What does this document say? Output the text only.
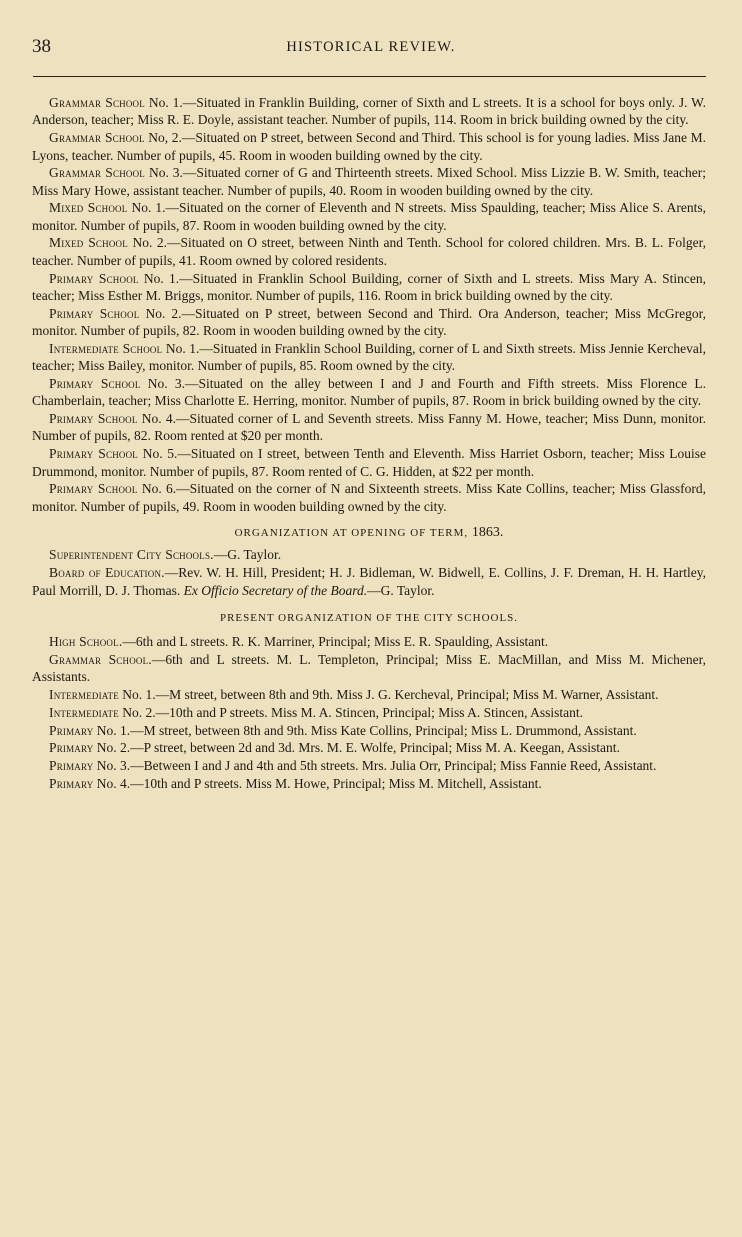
38	HISTORICAL REVIEW.

Grammar School No. 1.—Situated in Franklin Building, corner of Sixth and L streets. It is a school for boys only. J. W. Anderson, teacher; Miss R. E. Doyle, assistant teacher. Number of pupils, 114. Room in brick building owned by the city.

Grammar School No, 2.—Situated on P street, between Second and Third. This school is for young ladies. Miss Jane M. Lyons, teacher. Number of pupils, 45. Room in wooden building owned by the city.

Grammar School No. 3.—Situated corner of G and Thirteenth streets. Mixed School. Miss Lizzie B. W. Smith, teacher; Miss Mary Howe, assistant teacher. Number of pupils, 40. Room in wooden building owned by the city.

Mixed School No. 1.—Situated on the corner of Eleventh and N streets. Miss Spaulding, teacher; Miss Alice S. Arents, monitor. Number of pupils, 87. Room in wooden building owned by the city.

Mixed School No. 2.—Situated on O street, between Ninth and Tenth. School for colored children. Mrs. B. L. Folger, teacher. Number of pupils, 41. Room owned by colored residents.

Primary School No. 1.—Situated in Franklin School Building, corner of Sixth and L streets. Miss Mary A. Stincen, teacher; Miss Esther M. Briggs, monitor. Number of pupils, 116. Room in brick building owned by the city.

Primary School No. 2.—Situated on P street, between Second and Third. Ora Anderson, teacher; Miss McGregor, monitor. Number of pupils, 82. Room in wooden building owned by the city.

Intermediate School No. 1.—Situated in Franklin School Building, corner of L and Sixth streets. Miss Jennie Kercheval, teacher; Miss Bailey, monitor. Number of pupils, 85. Room owned by the city.

Primary School No. 3.—Situated on the alley between I and J and Fourth and Fifth streets. Miss Florence L. Chamberlain, teacher; Miss Charlotte E. Herring, monitor. Number of pupils, 87. Room in brick building owned by the city.

Primary School No. 4.—Situated corner of L and Seventh streets. Miss Fanny M. Howe, teacher; Miss Dunn, monitor. Number of pupils, 82. Room rented at $20 per month.

Primary School No. 5.—Situated on I street, between Tenth and Eleventh. Miss Harriet Osborn, teacher; Miss Louise Drummond, monitor. Number of pupils, 87. Room rented of C. G. Hidden, at $22 per month.

Primary School No. 6.—Situated on the corner of N and Sixteenth streets. Miss Kate Collins, teacher; Miss Glassford, monitor. Number of pupils, 49. Room in wooden building owned by the city.

ORGANIZATION AT OPENING OF TERM, 1863.

Superintendent City Schools.—G. Taylor.

Board of Education.—Rev. W. H. Hill, President; H. J. Bidleman, W. Bidwell, E. Collins, J. F. Dreman, H. H. Hartley, Paul Morrill, D. J. Thomas. Ex Officio Secretary of the Board.—G. Taylor.

PRESENT ORGANIZATION OF THE CITY SCHOOLS.

High School.—6th and L streets. R. K. Marriner, Principal; Miss E. R. Spaulding, Assistant.

Grammar School.—6th and L streets. M. L. Templeton, Principal; Miss E. MacMillan, and Miss M. Michener, Assistants.

Intermediate No. 1.—M street, between 8th and 9th. Miss J. G. Kercheval, Principal; Miss M. Warner, Assistant.

Intermediate No. 2.—10th and P streets. Miss M. A. Stincen, Principal; Miss A. Stincen, Assistant.

Primary No. 1.—M street, between 8th and 9th. Miss Kate Collins, Principal; Miss L. Drummond, Assistant.

Primary No. 2.—P street, between 2d and 3d. Mrs. M. E. Wolfe, Principal; Miss M. A. Keegan, Assistant.

Primary No. 3.—Between I and J and 4th and 5th streets. Mrs. Julia Orr, Principal; Miss Fannie Reed, Assistant.

Primary No. 4.—10th and P streets. Miss M. Howe, Principal; Miss M. Mitchell, Assistant.
